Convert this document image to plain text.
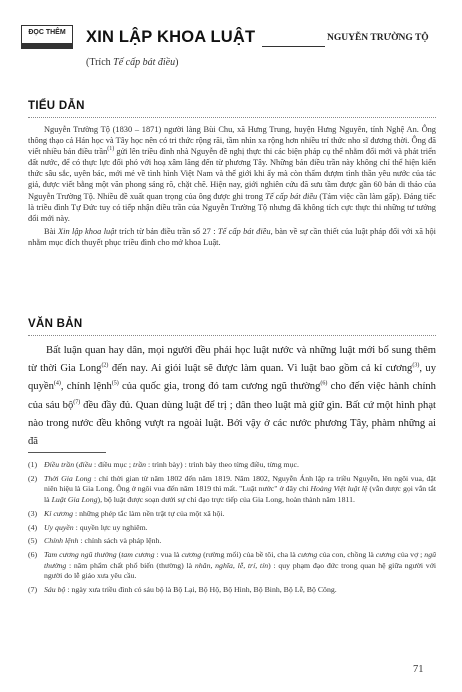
ĐỌC THÊM	XIN LẬP KHOA LUẬT	NGUYỄN TRƯỜNG TỘ
(Trích Tế cấp bát điều)
TIỂU DẪN

Nguyễn Trường Tộ (1830 – 1871) người làng Bùi Chu, xã Hưng Trung, huyện Hưng Nguyên, tỉnh Nghệ An. Ông thông thạo cả Hán học và Tây học nên có tri thức rộng rãi, tầm nhìn xa rộng hơn nhiều trí thức nho sĩ đương thời. Ông đã viết nhiều bản điều trần$^{(1)}$ gửi lên triều đình nhà Nguyễn đề nghị thực thi các biện pháp cụ thể nhằm đổi mới và phát triển đất nước, để có thực lực đối phó với hoạ xâm lăng đến từ phương Tây. Những bản điều trần này không chỉ thể hiện kiến thức sâu sắc, uyên bác, mới mẻ về tình hình Việt Nam và thế giới khi ấy mà còn thấm đượm tình thần yêu nước của tác giả, được viết bằng một văn phong sáng rõ, chặt chẽ. Hiện nay, giới nghiên cứu đã sưu tầm được gần 60 bản di thảo của Nguyễn Trường Tộ. Nhiều đề xuất quan trọng của ông được ghi trong Tế cấp bát điều (Tám việc cần làm gấp). Đáng tiếc là triều đình Tự Đức tuy có tiếp nhận điều trần của Nguyễn Trường Tộ nhưng đã không tích cực thực thi những tư tưởng đổi mới này.

Bài Xin lập khoa luật trích từ bản điều trần số 27 : Tế cấp bát điều, bàn về sự cần thiết của luật pháp đối với xã hội nhằm mục đích thuyết phục triều đình cho mở khoa Luật.

VĂN BẢN

Bất luận quan hay dân, mọi người đều phải học luật nước và những luật mới bổ sung thêm từ thời Gia Long$^{(2)}$ đến nay. Ai giỏi luật sẽ được làm quan. Vì luật bao gồm cả kỉ cương$^{(3)}$, uy quyền$^{(4)}$, chính lệnh$^{(5)}$ của quốc gia, trong đó tam cương ngũ thường$^{(6)}$ cho đến việc hành chính của sáu bộ$^{(7)}$ đều đầy đủ. Quan dùng luật để trị ; dân theo luật mà giữ gìn. Bất cứ một hình phạt nào trong nước đều không vượt ra ngoài luật. Bởi vậy ở các nước phương Tây, phàm những ai đã

(1) Điều trần (điều : điều mục ; trần : trình bày) : trình bày theo từng điều, từng mục.
(2) Thời Gia Long : chỉ thời gian từ năm 1802 đến năm 1819. Năm 1802, Nguyễn Ánh lập ra triều Nguyễn, lên ngôi vua, đặt niên hiệu là Gia Long. Ông ở ngôi vua đến năm 1819 thì mất. "Luật nước" ở đây chỉ Hoàng Việt luật lệ (vẫn được gọi vắn tắt là Luật Gia Long), bộ luật được soạn dưới sự chỉ đạo trực tiếp của Gia Long, hoàn thành năm 1811.
(3) Kỉ cương : những phép tắc làm nền trật tự của một xã hội.
(4) Uy quyền : quyền lực uy nghiêm.
(5) Chính lệnh : chính sách và pháp lệnh.
(6) Tam cương ngũ thường (tam cương : vua là cương (rường mối) của bề tôi, cha là cương của con, chồng là cương của vợ ; ngũ thường : năm phẩm chất phổ biến (thường) là nhân, nghĩa, lễ, trí, tín) : quy phạm đạo đức trong quan hệ giữa người với người do lễ giáo xưa yêu cầu.
(7) Sáu bộ : ngày xưa triều đình có sáu bộ là Bộ Lại, Bộ Hộ, Bộ Hình, Bộ Binh, Bộ Lễ, Bộ Công.
71
